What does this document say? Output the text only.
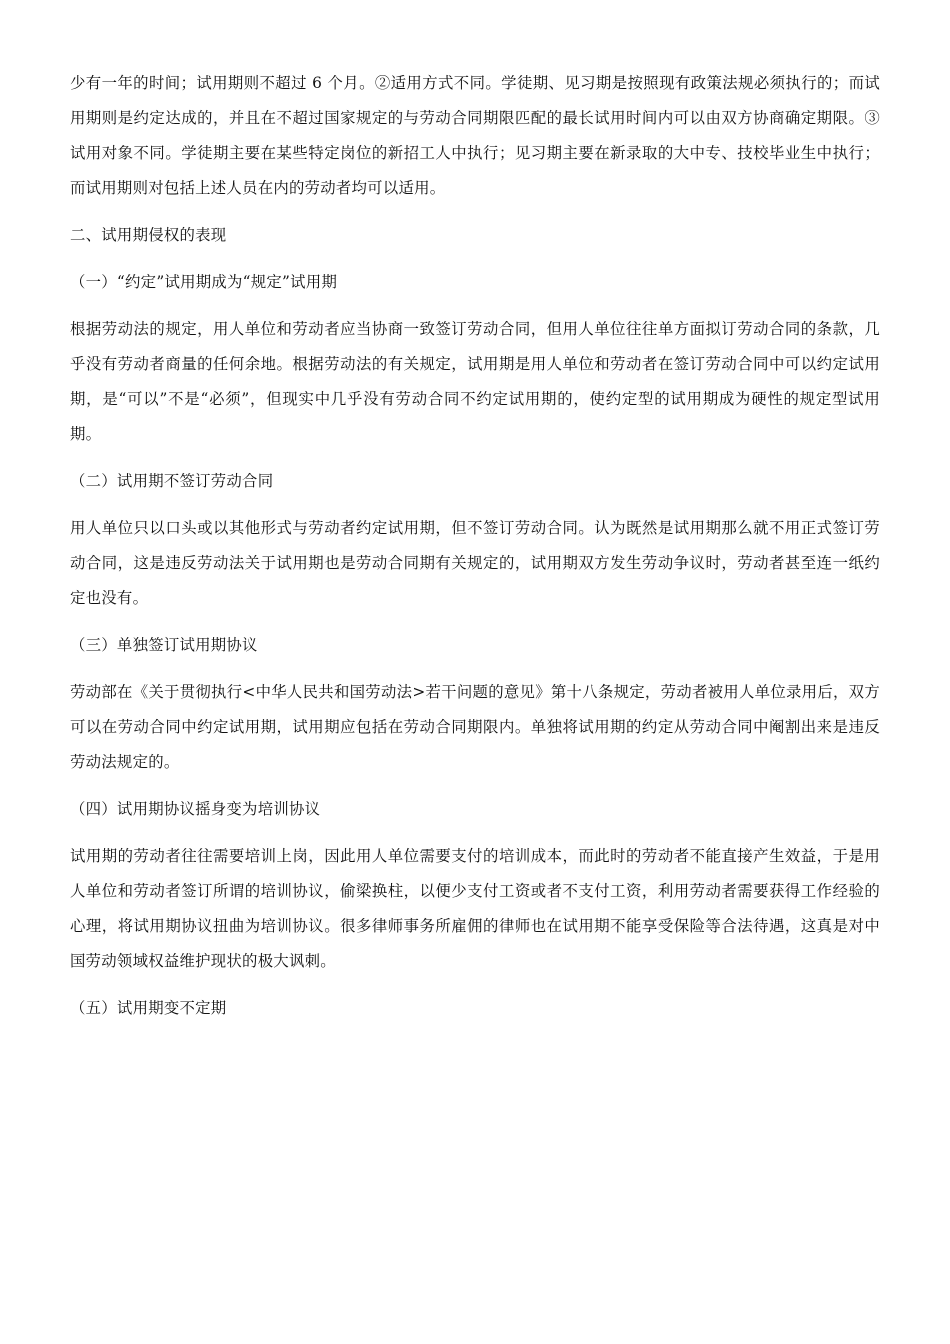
少有一年的时间；试用期则不超过 6 个月。②适用方式不同。学徒期、见习期是按照现有政策法规必须执行的；而试用期则是约定达成的，并且在不超过国家规定的与劳动合同期限匹配的最长试用时间内可以由双方协商确定期限。③试用对象不同。学徒期主要在某些特定岗位的新招工人中执行；见习期主要在新录取的大中专、技校毕业生中执行；而试用期则对包括上述人员在内的劳动者均可以适用。

二、试用期侵权的表现

（一）“约定”试用期成为“规定”试用期

根据劳动法的规定，用人单位和劳动者应当协商一致签订劳动合同，但用人单位往往单方面拟订劳动合同的条款，几乎没有劳动者商量的任何余地。根据劳动法的有关规定，试用期是用人单位和劳动者在签订劳动合同中可以约定试用期，是“可以”不是“必须”，但现实中几乎没有劳动合同不约定试用期的，使约定型的试用期成为硬性的规定型试用期。

（二）试用期不签订劳动合同

用人单位只以口头或以其他形式与劳动者约定试用期，但不签订劳动合同。认为既然是试用期那么就不用正式签订劳动合同，这是违反劳动法关于试用期也是劳动合同期有关规定的，试用期双方发生劳动争议时，劳动者甚至连一纸约定也没有。

（三）单独签订试用期协议

劳动部在《关于贯彻执行<中华人民共和国劳动法>若干问题的意见》第十八条规定，劳动者被用人单位录用后，双方可以在劳动合同中约定试用期，试用期应包括在劳动合同期限内。单独将试用期的约定从劳动合同中阉割出来是违反劳动法规定的。

（四）试用期协议摇身变为培训协议

试用期的劳动者往往需要培训上岗，因此用人单位需要支付的培训成本，而此时的劳动者不能直接产生效益，于是用人单位和劳动者签订所谓的培训协议，偷梁换柱，以便少支付工资或者不支付工资，利用劳动者需要获得工作经验的心理，将试用期协议扭曲为培训协议。很多律师事务所雇佣的律师也在试用期不能享受保险等合法待遇，这真是对中国劳动领域权益维护现状的极大讽刺。

（五）试用期变不定期
